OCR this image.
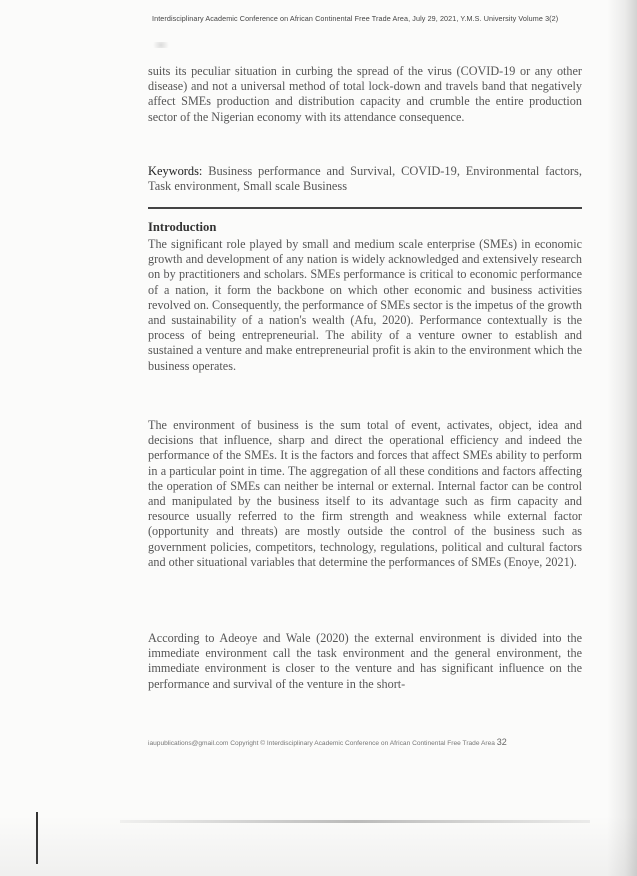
Interdisciplinary Academic Conference on African Continental Free Trade Area, July 29, 2021, Y.M.S. University Volume 3(2)
suits its peculiar situation in curbing the spread of the virus (COVID-19 or any other disease) and not a universal method of total lock-down and travels band that negatively affect SMEs production and distribution capacity and crumble the entire production sector of the Nigerian economy with its attendance consequence.
Keywords: Business performance and Survival, COVID-19, Environmental factors, Task environment, Small scale Business
Introduction
The significant role played by small and medium scale enterprise (SMEs) in economic growth and development of any nation is widely acknowledged and extensively research on by practitioners and scholars. SMEs performance is critical to economic performance of a nation, it form the backbone on which other economic and business activities revolved on. Consequently, the performance of SMEs sector is the impetus of the growth and sustainability of a nation's wealth (Afu, 2020). Performance contextually is the process of being entrepreneurial. The ability of a venture owner to establish and sustained a venture and make entrepreneurial profit is akin to the environment which the business operates.
The environment of business is the sum total of event, activates, object, idea and decisions that influence, sharp and direct the operational efficiency and indeed the performance of the SMEs. It is the factors and forces that affect SMEs ability to perform in a particular point in time. The aggregation of all these conditions and factors affecting the operation of SMEs can neither be internal or external. Internal factor can be control and manipulated by the business itself to its advantage such as firm capacity and resource usually referred to the firm strength and weakness while external factor (opportunity and threats) are mostly outside the control of the business such as government policies, competitors, technology, regulations, political and cultural factors and other situational variables that determine the performances of SMEs (Enoye, 2021).
According to Adeoye and Wale (2020) the external environment is divided into the immediate environment call the task environment and the general environment, the immediate environment is closer to the venture and has significant influence on the performance and survival of the venture in the short-
iaupublications@gmail.com Copyright © Interdisciplinary Academic Conference on African Continental Free Trade Area 32
